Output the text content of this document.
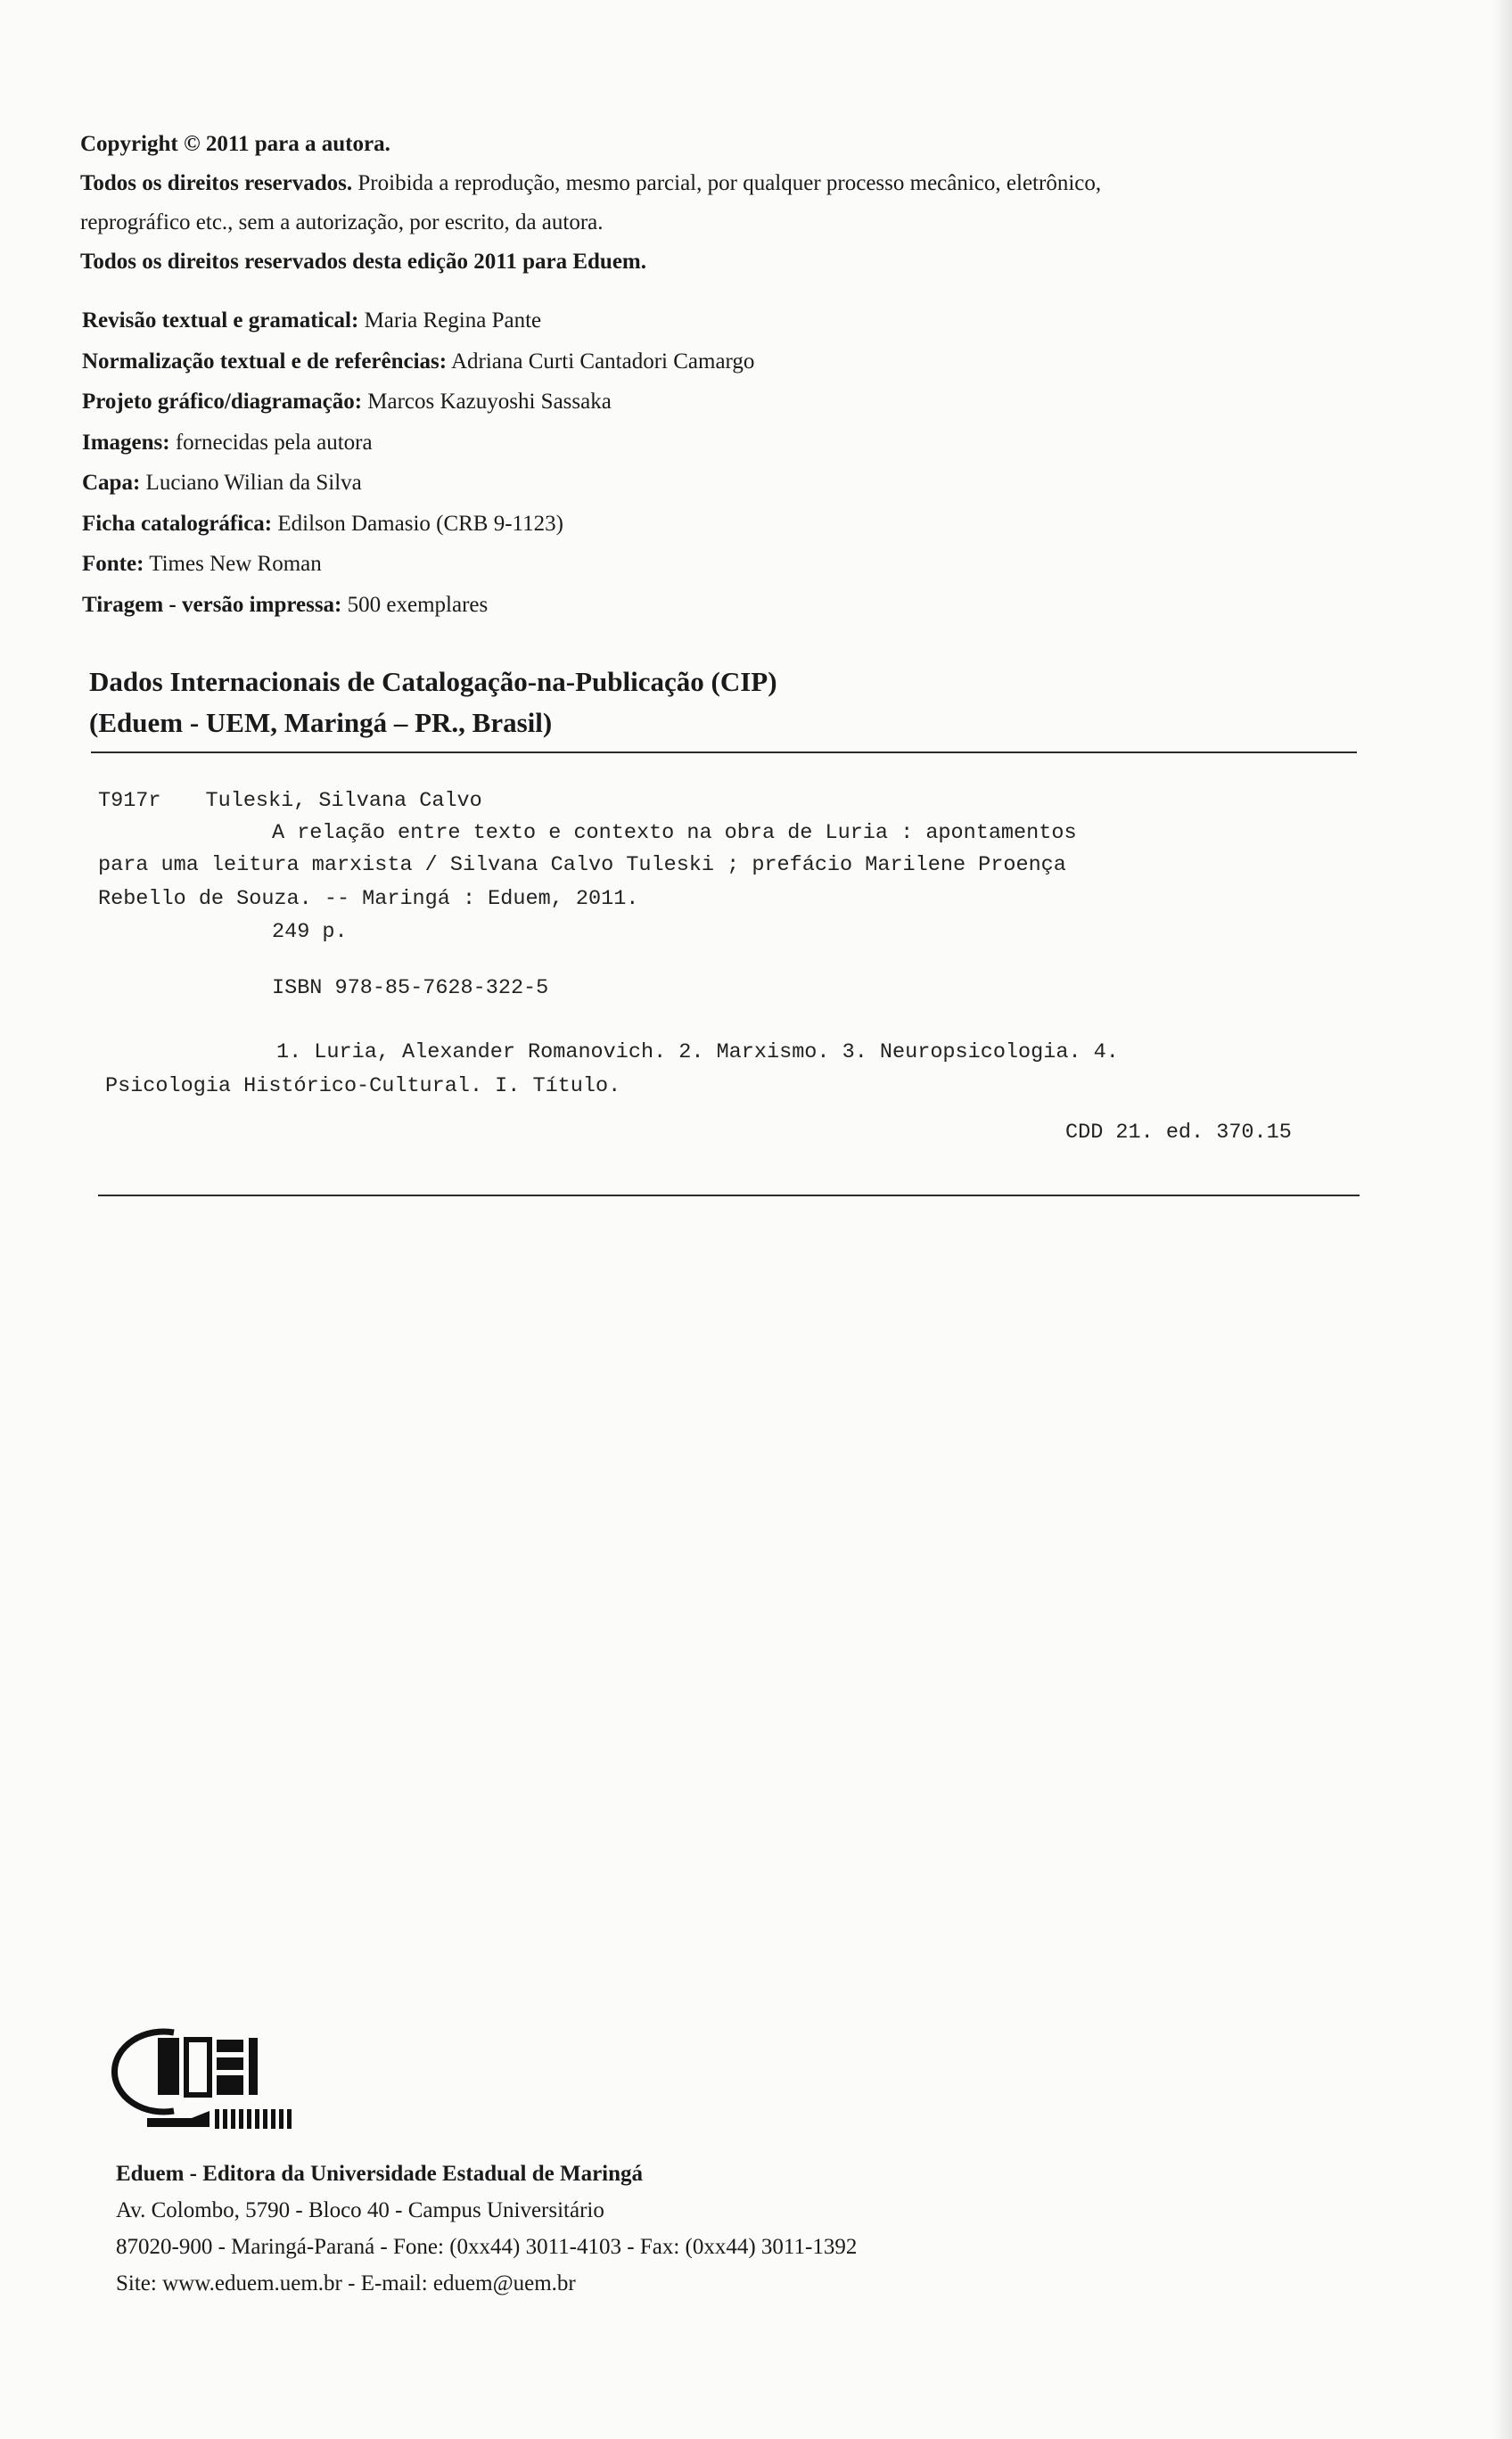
Copyright © 2011 para a autora.
Todos os direitos reservados. Proibida a reprodução, mesmo parcial, por qualquer processo mecânico, eletrônico,
reprográfico etc., sem a autorização, por escrito, da autora.
Todos os direitos reservados desta edição 2011 para Eduem.
Revisão textual e gramatical: Maria Regina Pante
Normalização textual e de referências: Adriana Curti Cantadori Camargo
Projeto gráfico/diagramação: Marcos Kazuyoshi Sassaka
Imagens: fornecidas pela autora
Capa: Luciano Wilian da Silva
Ficha catalográfica: Edilson Damasio (CRB 9-1123)
Fonte: Times New Roman
Tiragem - versão impressa: 500 exemplares
Dados Internacionais de Catalogação-na-Publicação (CIP)
(Eduem - UEM, Maringá – PR., Brasil)
T917r Tuleski, Silvana Calvo
A relação entre texto e contexto na obra de Luria : apontamentos
para uma leitura marxista / Silvana Calvo Tuleski ; prefácio Marilene Proença
Rebello de Souza. -- Maringá : Eduem, 2011.
249 p.
ISBN 978-85-7628-322-5
1. Luria, Alexander Romanovich. 2. Marxismo. 3. Neuropsicologia. 4.
Psicologia Histórico-Cultural. I. Título.
CDD 21. ed. 370.15
Eduem - Editora da Universidade Estadual de Maringá
Av. Colombo, 5790 - Bloco 40 - Campus Universitário
87020-900 - Maringá-Paraná - Fone: (0xx44) 3011-4103 - Fax: (0xx44) 3011-1392
Site: www.eduem.uem.br - E-mail: eduem@uem.br
